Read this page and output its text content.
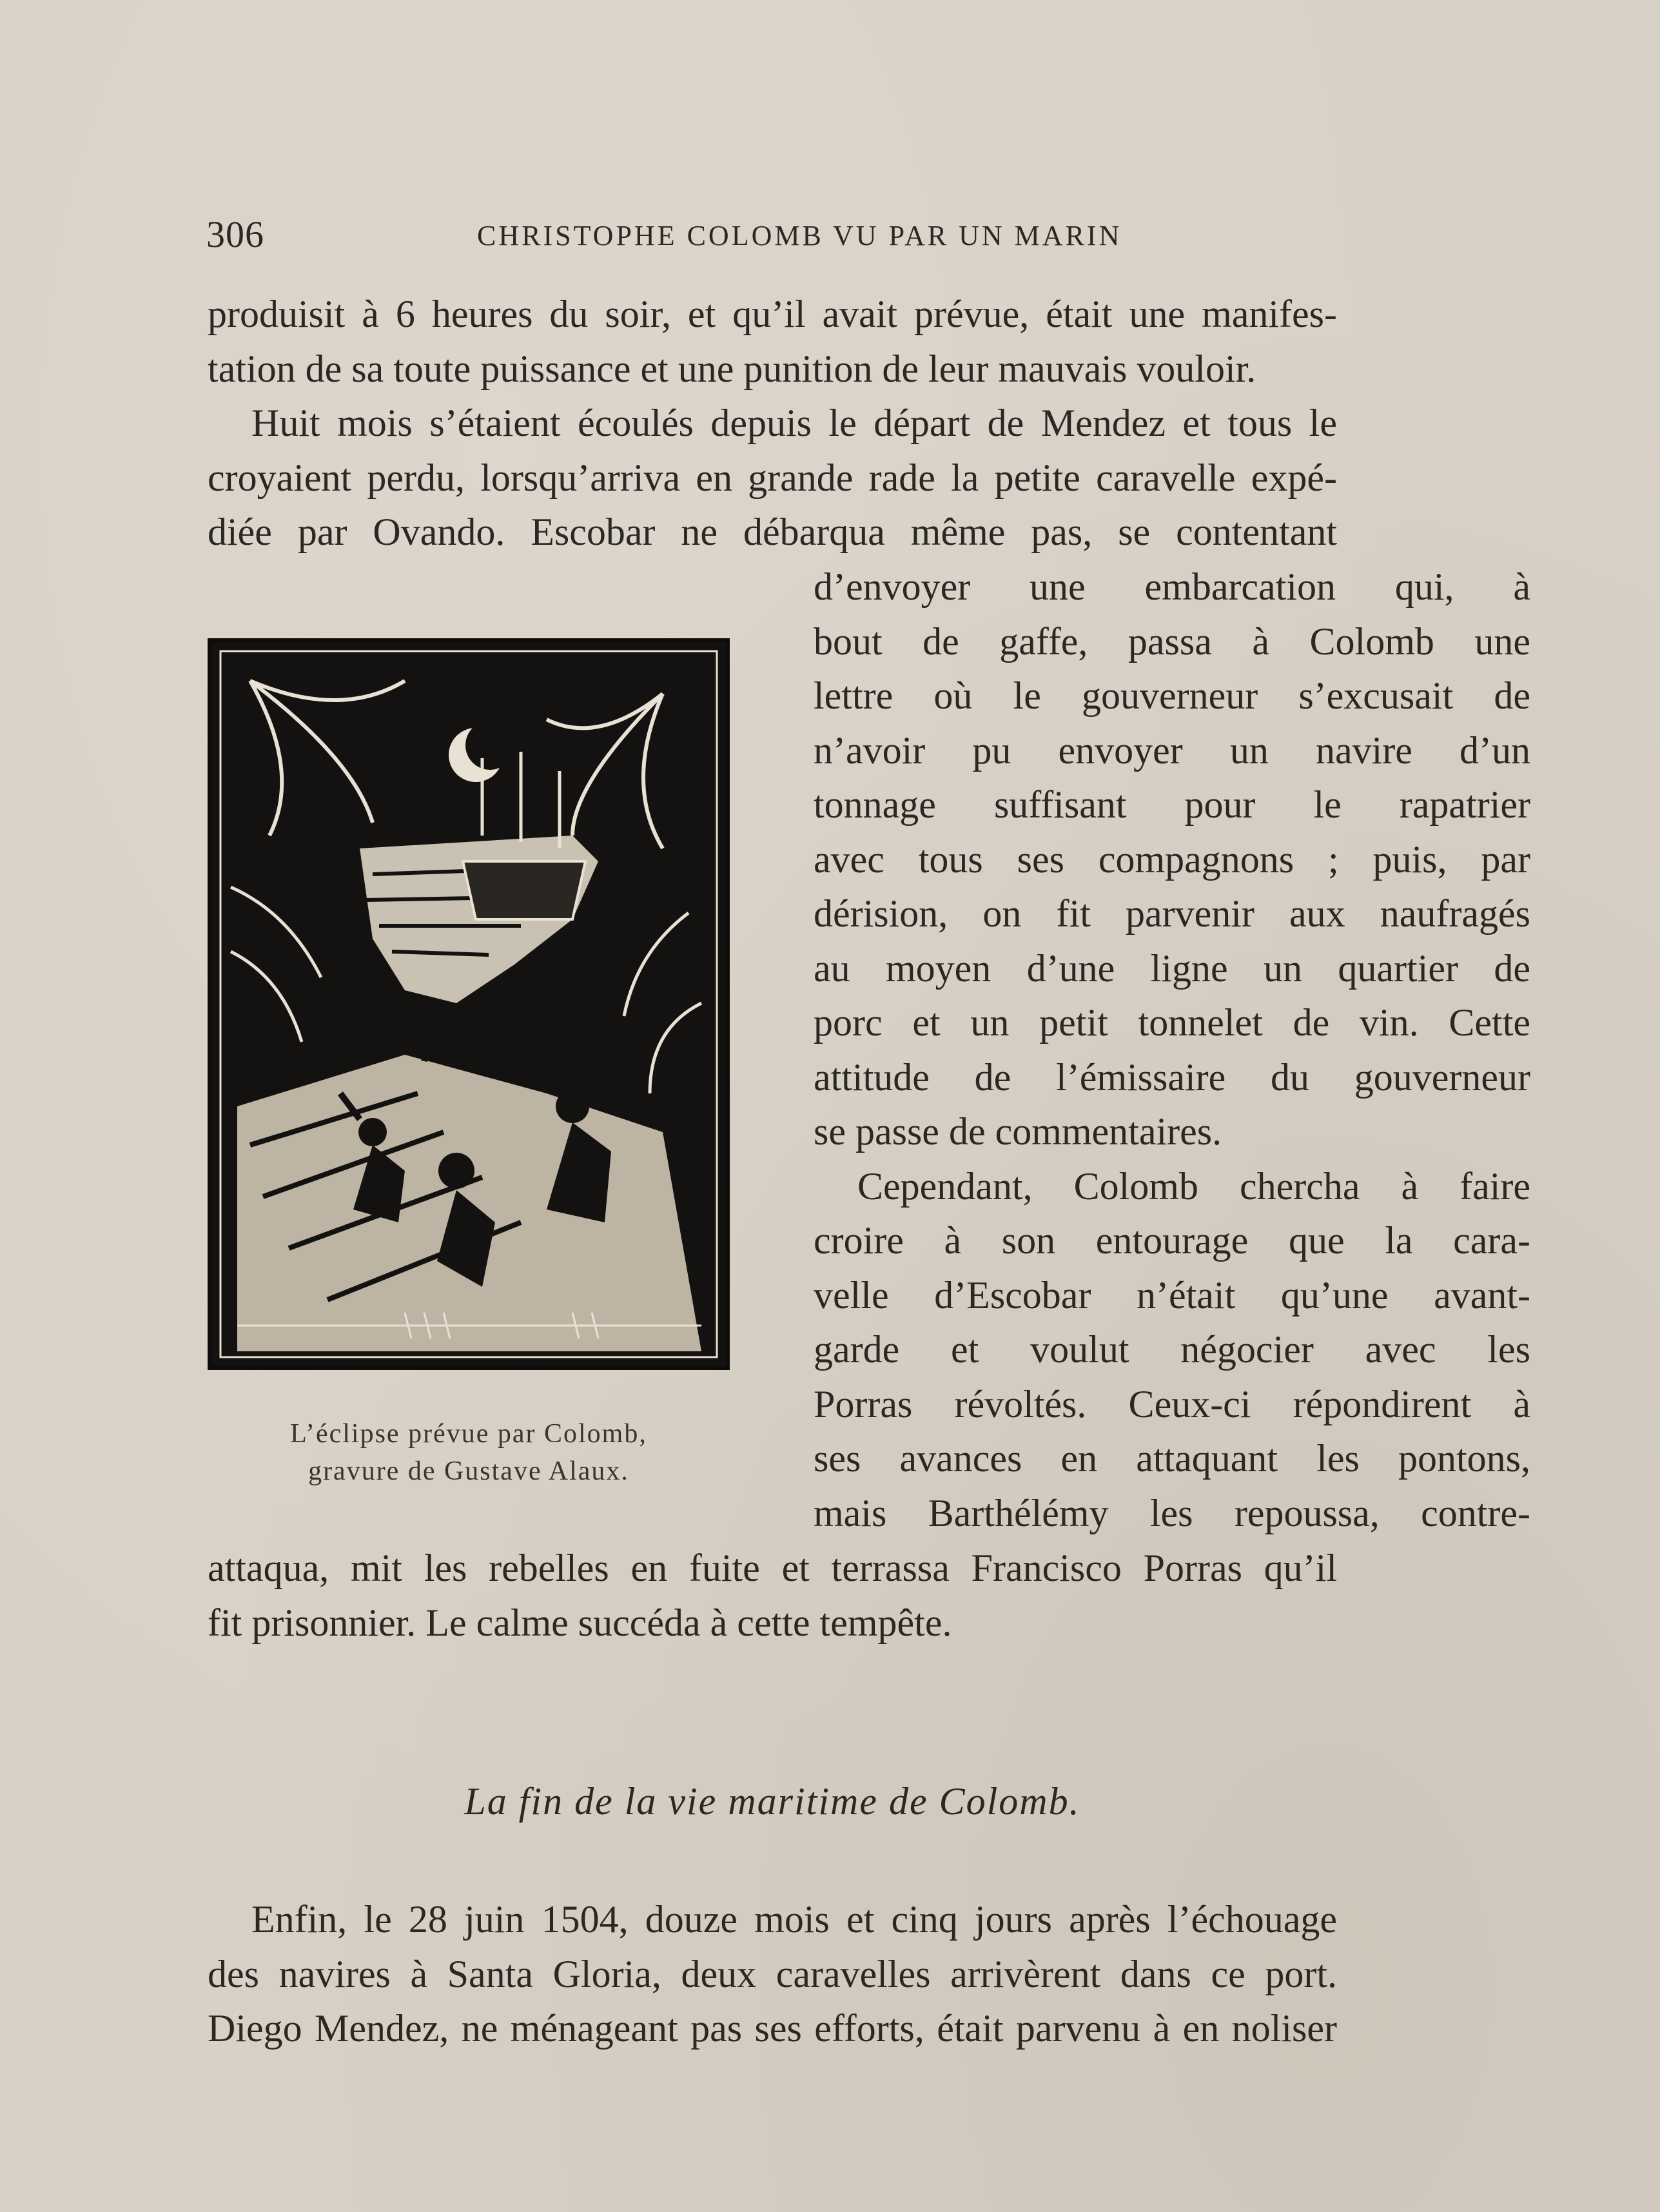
306	CHRISTOPHE COLOMB VU PAR UN MARIN
produisit à 6 heures du soir, et qu’il avait prévue, était une manifes-
tation de sa toute puissance et une punition de leur mauvais vouloir.
Huit mois s’étaient écoulés depuis le départ de Mendez et tous le
croyaient perdu, lorsqu’arriva en grande rade la petite caravelle expé-
diée par Ovando. Escobar ne débarqua même pas, se contentant
L’éclipse prévue par Colomb,
gravure de Gustave Alaux.
d’envoyer une embarcation qui, à
bout de gaffe, passa à Colomb une
lettre où le gouverneur s’excusait de
n’avoir pu envoyer un navire d’un
tonnage suffisant pour le rapatrier
avec tous ses compagnons ; puis, par
dérision, on fit parvenir aux naufragés
au moyen d’une ligne un quartier de
porc et un petit tonnelet de vin. Cette
attitude de l’émissaire du gouverneur
se passe de commentaires.
Cependant, Colomb chercha à faire
croire à son entourage que la cara-
velle d’Escobar n’était qu’une avant-
garde et voulut négocier avec les
Porras révoltés. Ceux-ci répondirent à
ses avances en attaquant les pontons,
mais Barthélémy les repoussa, contre-
attaqua, mit les rebelles en fuite et terrassa Francisco Porras qu’il
fit prisonnier. Le calme succéda à cette tempête.
La fin de la vie maritime de Colomb.
Enfin, le 28 juin 1504, douze mois et cinq jours après l’échouage
des navires à Santa Gloria, deux caravelles arrivèrent dans ce port.
Diego Mendez, ne ménageant pas ses efforts, était parvenu à en noliser
